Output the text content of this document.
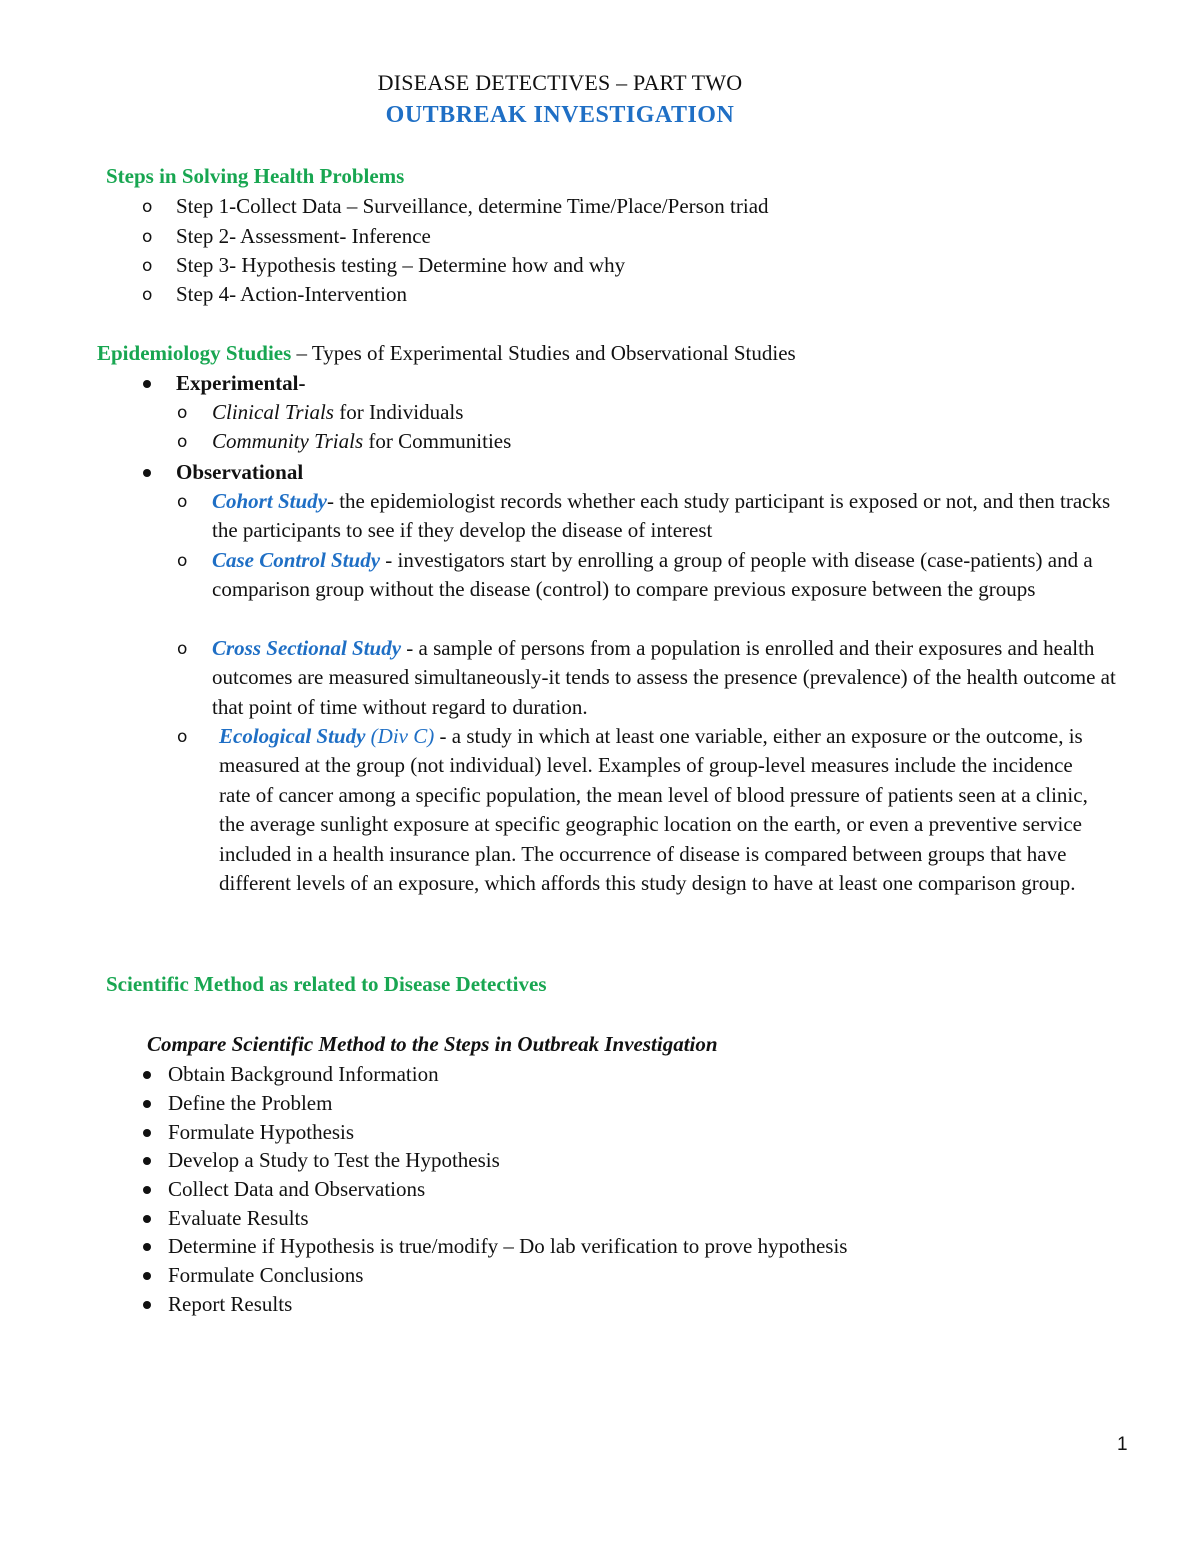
DISEASE DETECTIVES – PART TWO
OUTBREAK INVESTIGATION
Steps in Solving Health Problems
o Step 1-Collect Data – Surveillance, determine Time/Place/Person triad
o Step 2- Assessment- Inference
o Step 3- Hypothesis testing – Determine how and why
o Step 4- Action-Intervention
Epidemiology Studies – Types of Experimental Studies and Observational Studies
Experimental-
o Clinical Trials for Individuals
o Community Trials for Communities
Observational
o Cohort Study- the epidemiologist records whether each study participant is exposed or not, and then tracks the participants to see if they develop the disease of interest
o Case Control Study - investigators start by enrolling a group of people with disease (case-patients) and a comparison group without the disease (control) to compare previous exposure between the groups
o Cross Sectional Study - a sample of persons from a population is enrolled and their exposures and health outcomes are measured simultaneously-it tends to assess the presence (prevalence) of the health outcome at that point of time without regard to duration.
o Ecological Study (Div C) - a study in which at least one variable, either an exposure or the outcome, is measured at the group (not individual) level. Examples of group-level measures include the incidence rate of cancer among a specific population, the mean level of blood pressure of patients seen at a clinic, the average sunlight exposure at specific geographic location on the earth, or even a preventive service included in a health insurance plan. The occurrence of disease is compared between groups that have different levels of an exposure, which affords this study design to have at least one comparison group.
Scientific Method as related to Disease Detectives
Compare Scientific Method to the Steps in Outbreak Investigation
Obtain Background Information
Define the Problem
Formulate Hypothesis
Develop a Study to Test the Hypothesis
Collect Data and Observations
Evaluate Results
Determine if Hypothesis is true/modify – Do lab verification to prove hypothesis
Formulate Conclusions
Report Results
1
